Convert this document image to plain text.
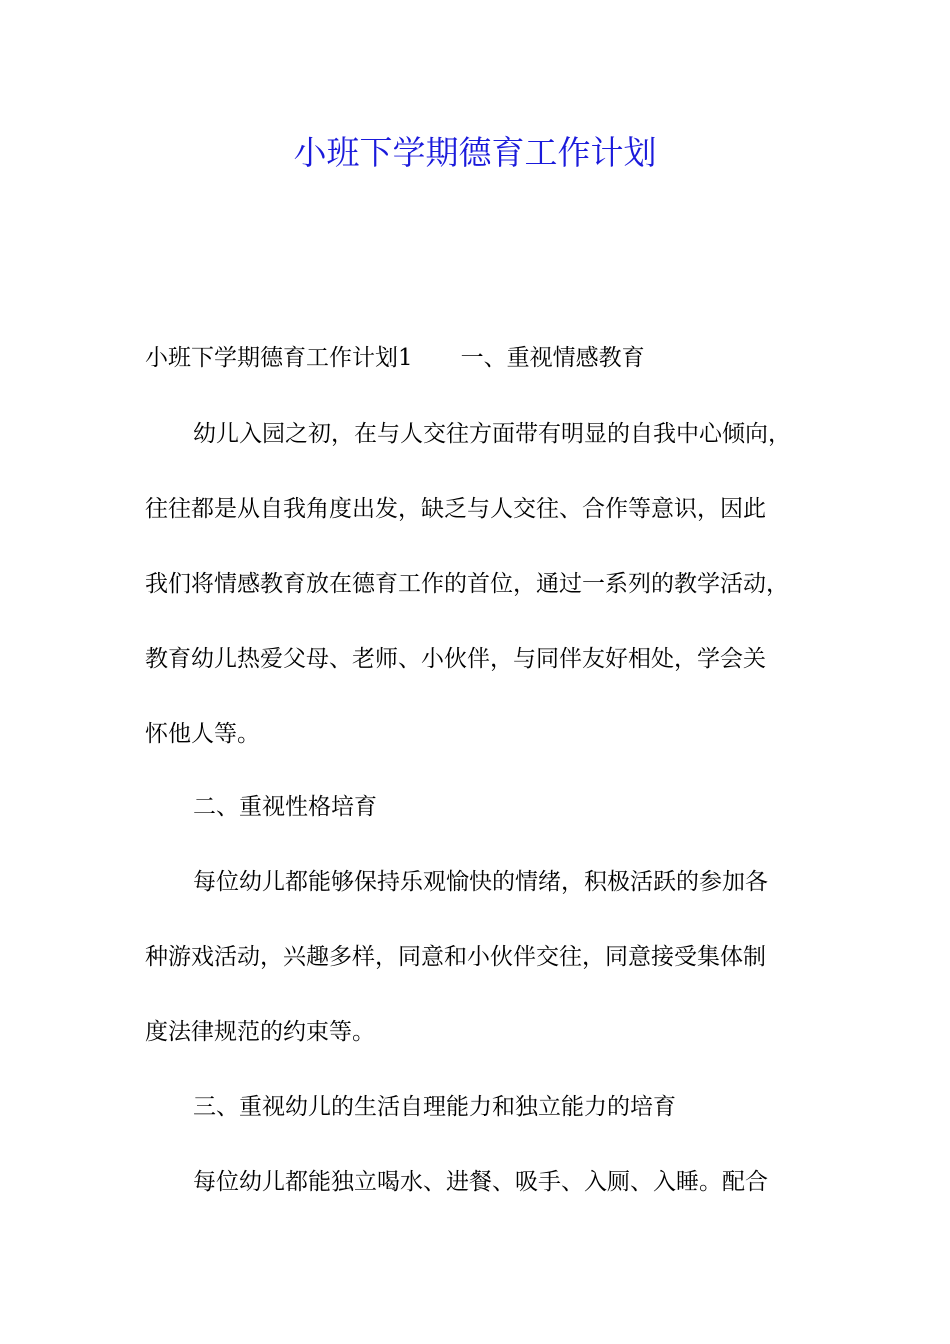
小班下学期德育工作计划

小班下学期德育工作计划1 一、重视情感教育

幼儿入园之初，在与人交往方面带有明显的自我中心倾向，

往往都是从自我角度出发，缺乏与人交往、合作等意识，因此

我们将情感教育放在德育工作的首位，通过一系列的教学活动，

教育幼儿热爱父母、老师、小伙伴，与同伴友好相处，学会关

怀他人等。

二、重视性格培育

每位幼儿都能够保持乐观愉快的情绪，积极活跃的参加各

种游戏活动，兴趣多样，同意和小伙伴交往，同意接受集体制

度法律规范的约束等。

三、重视幼儿的生活自理能力和独立能力的培育

每位幼儿都能独立喝水、进餐、吸手、入厕、入睡。配合
